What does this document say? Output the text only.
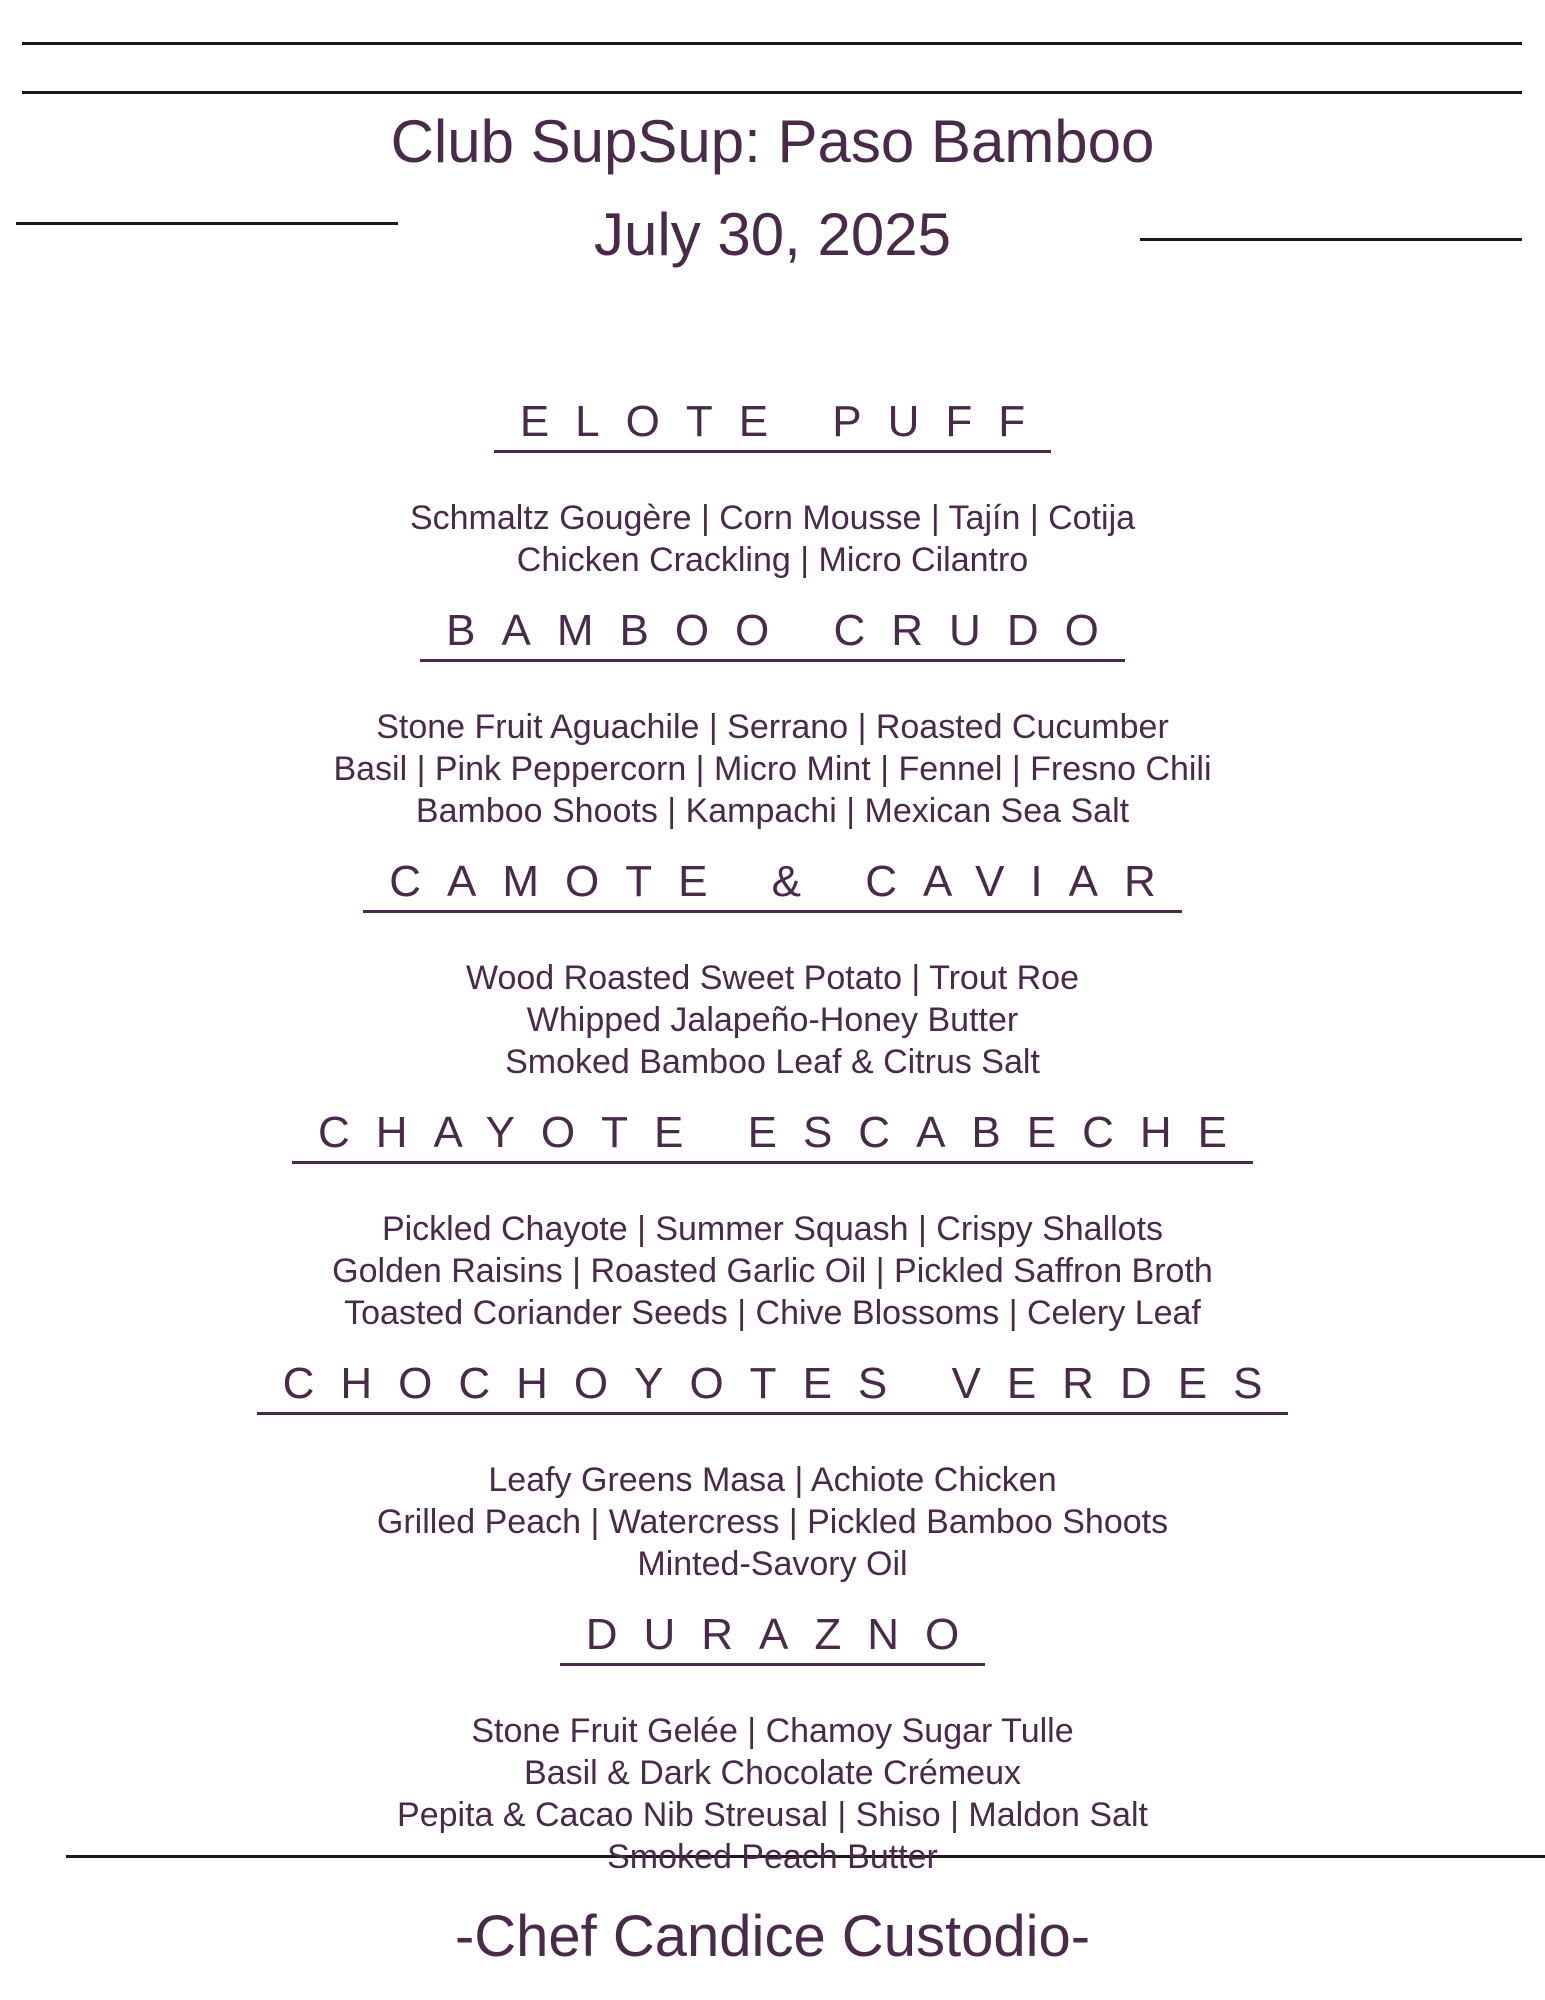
Club SupSup: Paso Bamboo
July 30, 2025
ELOTE PUFF
Schmaltz Gougère | Corn Mousse | Tajín | Cotija
Chicken Crackling | Micro Cilantro
BAMBOO CRUDO
Stone Fruit Aguachile | Serrano | Roasted Cucumber
Basil | Pink Peppercorn | Micro Mint | Fennel | Fresno Chili
Bamboo Shoots | Kampachi | Mexican Sea Salt
CAMOTE & CAVIAR
Wood Roasted Sweet Potato | Trout Roe
Whipped Jalapeño-Honey Butter
Smoked Bamboo Leaf & Citrus Salt
CHAYOTE ESCABECHE
Pickled Chayote | Summer Squash | Crispy Shallots
Golden Raisins | Roasted Garlic Oil | Pickled Saffron Broth
Toasted Coriander Seeds | Chive Blossoms | Celery Leaf
CHOCHOYOTES VERDES
Leafy Greens Masa | Achiote Chicken
Grilled Peach | Watercress | Pickled Bamboo Shoots
Minted-Savory Oil
DURAZNO
Stone Fruit Gelée | Chamoy Sugar Tulle
Basil & Dark Chocolate Crémeux
Pepita & Cacao Nib Streusal | Shiso | Maldon Salt
Smoked Peach Butter
-Chef Candice Custodio-
